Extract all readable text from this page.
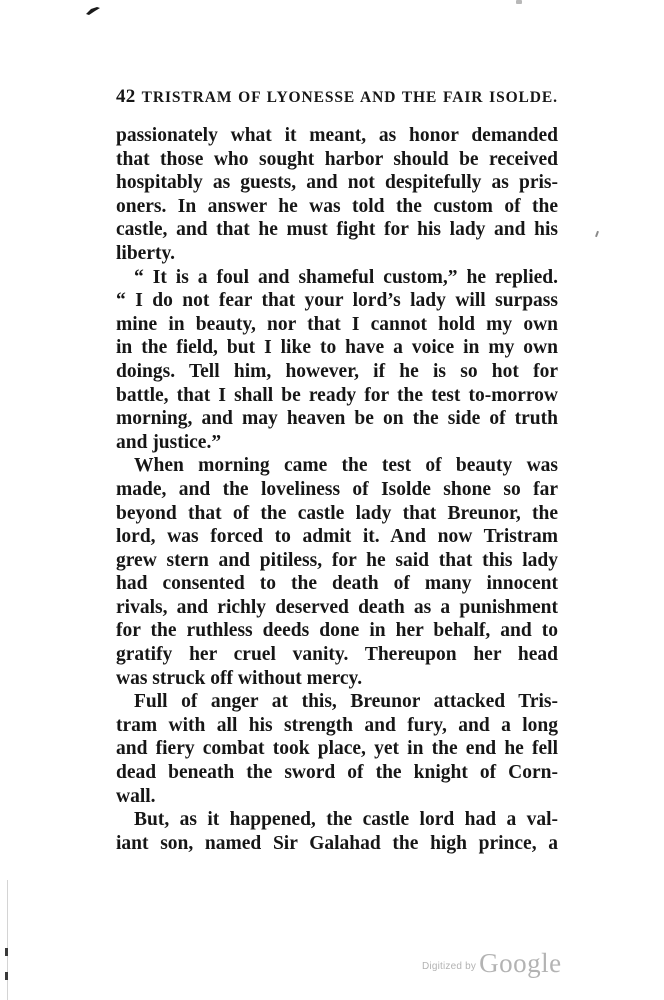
42 TRISTRAM OF LYONESSE AND THE FAIR ISOLDE.
passionately what it meant, as honor demanded
that those who sought harbor should be received
hospitably as guests, and not despitefully as pris-
oners. In answer he was told the custom of the
castle, and that he must fight for his lady and his
liberty.
“ It is a foul and shameful custom,” he replied.
“ I do not fear that your lord’s lady will surpass
mine in beauty, nor that I cannot hold my own
in the field, but I like to have a voice in my own
doings. Tell him, however, if he is so hot for
battle, that I shall be ready for the test to-morrow
morning, and may heaven be on the side of truth
and justice.”
When morning came the test of beauty was
made, and the loveliness of Isolde shone so far
beyond that of the castle lady that Breunor, the
lord, was forced to admit it. And now Tristram
grew stern and pitiless, for he said that this lady
had consented to the death of many innocent
rivals, and richly deserved death as a punishment
for the ruthless deeds done in her behalf, and to
gratify her cruel vanity. Thereupon her head
was struck off without mercy.
Full of anger at this, Breunor attacked Tris-
tram with all his strength and fury, and a long
and fiery combat took place, yet in the end he fell
dead beneath the sword of the knight of Corn-
wall.
But, as it happened, the castle lord had a val-
iant son, named Sir Galahad the high prince, a
Digitized by Google
